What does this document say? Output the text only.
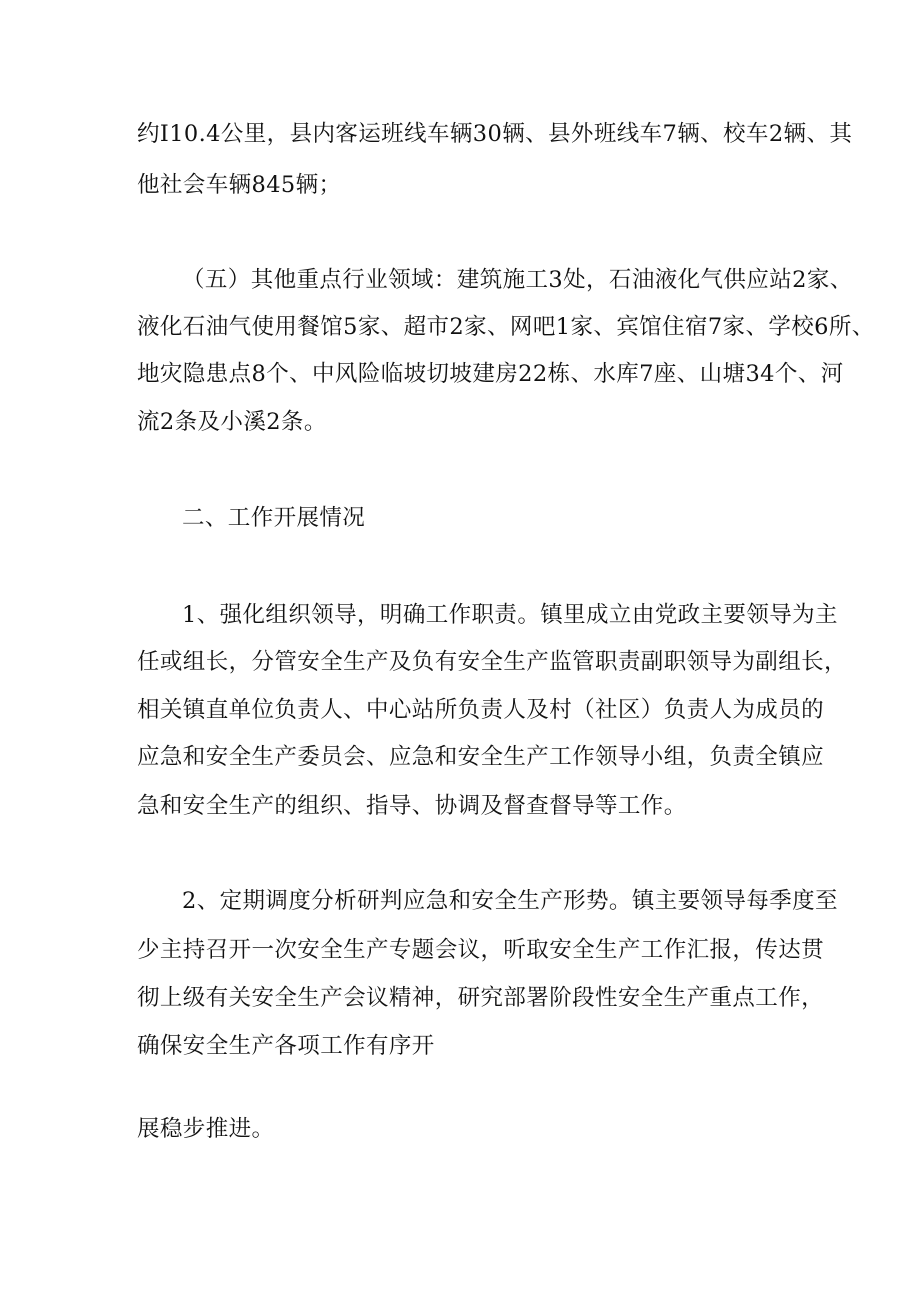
约I10.4公里，县内客运班线车辆30辆、县外班线车7辆、校车2辆、其
他社会车辆845辆；
（五）其他重点行业领域：建筑施工3处，石油液化气供应站2家、
液化石油气使用餐馆5家、超市2家、网吧1家、宾馆住宿7家、学校6所、
地灾隐患点8个、中风险临坡切坡建房22栋、水库7座、山塘34个、河
流2条及小溪2条。
二、工作开展情况
1、强化组织领导，明确工作职责。镇里成立由党政主要领导为主
任或组长，分管安全生产及负有安全生产监管职责副职领导为副组长，
相关镇直单位负责人、中心站所负责人及村（社区）负责人为成员的
应急和安全生产委员会、应急和安全生产工作领导小组，负责全镇应
急和安全生产的组织、指导、协调及督查督导等工作。
2、定期调度分析研判应急和安全生产形势。镇主要领导每季度至
少主持召开一次安全生产专题会议，听取安全生产工作汇报，传达贯
彻上级有关安全生产会议精神，研究部署阶段性安全生产重点工作，
确保安全生产各项工作有序开
展稳步推进。
